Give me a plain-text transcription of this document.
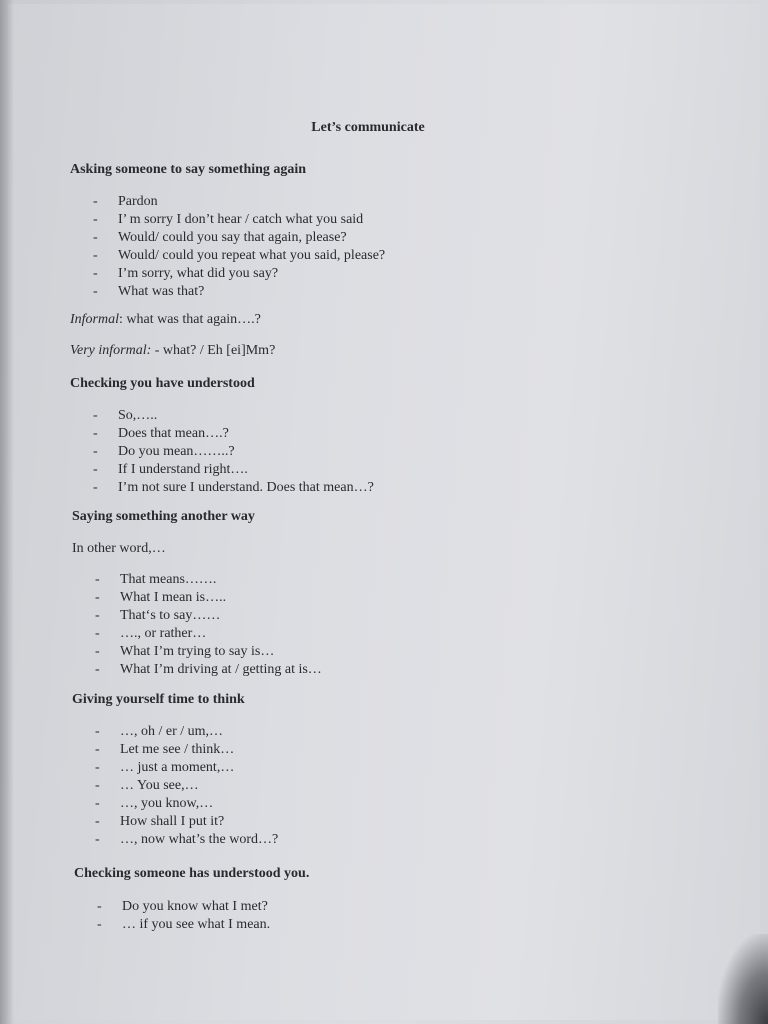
Let’s communicate
Asking someone to say something again
- Pardon
- I’ m sorry I don’t hear / catch what you said
- Would/ could you say that again, please?
- Would/ could you repeat what you said, please?
- I’m sorry, what did you say?
- What was that?
Informal: what was that again….?
Very informal: - what? / Eh [ei]Mm?
Checking you have understood
- So,…..
- Does that mean….?
- Do you mean……..?
- If I understand right….
- I’m not sure I understand. Does that mean…?
Saying something another way
In other word,…
- That means…….
- What I mean is…..
- That‘s to say……
- …., or rather…
- What I’m trying to say is…
- What I’m driving at / getting at is…
Giving yourself time to think
- …, oh / er / um,…
- Let me see / think…
- … just a moment,…
- … You see,…
- …, you know,…
- How shall I put it?
- …, now what’s the word…?
Checking someone has understood you.
- Do you know what I met?
- … if you see what I mean.
